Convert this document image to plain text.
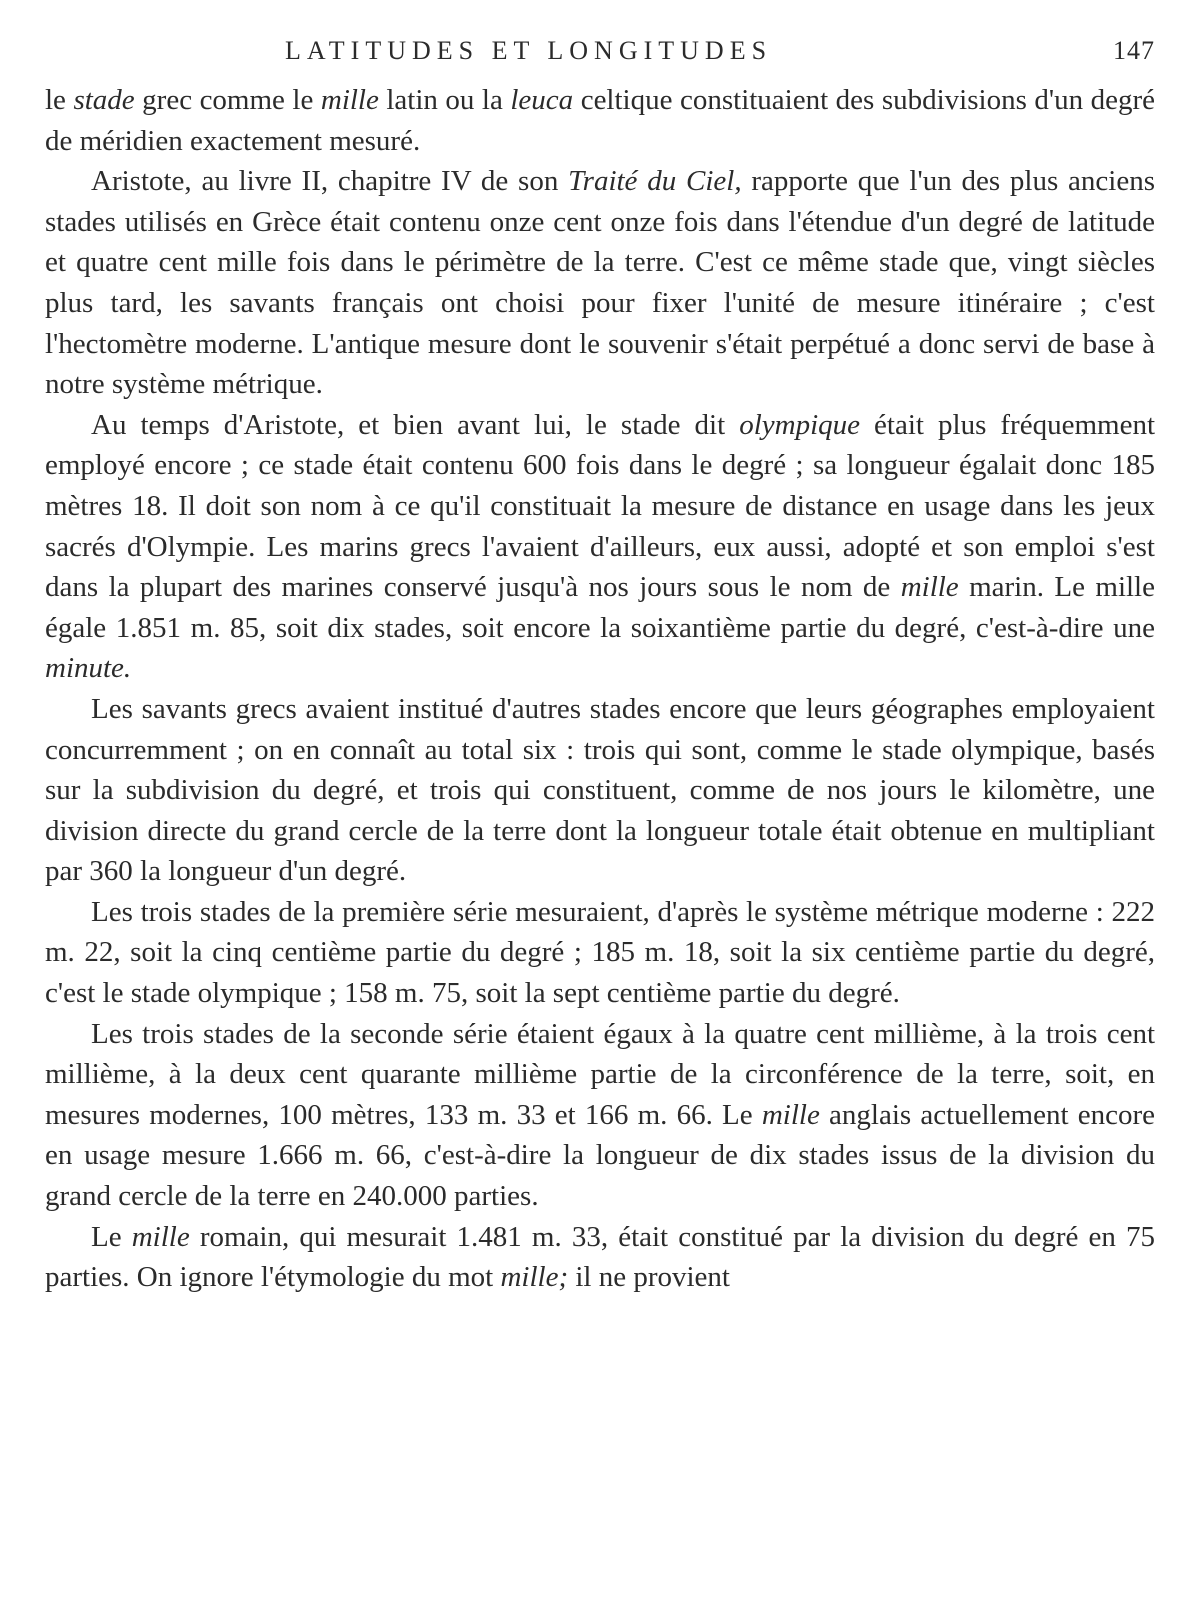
LATITUDES ET LONGITUDES	147

le stade grec comme le mille latin ou la leuca celtique constituaient des subdivisions d'un degré de méridien exactement mesuré.

Aristote, au livre II, chapitre IV de son Traité du Ciel, rapporte que l'un des plus anciens stades utilisés en Grèce était contenu onze cent onze fois dans l'étendue d'un degré de latitude et quatre cent mille fois dans le périmètre de la terre. C'est ce même stade que, vingt siècles plus tard, les savants français ont choisi pour fixer l'unité de mesure itinéraire ; c'est l'hectomètre moderne. L'antique mesure dont le souvenir s'était perpétué a donc servi de base à notre système métrique.

Au temps d'Aristote, et bien avant lui, le stade dit olympique était plus fréquemment employé encore ; ce stade était contenu 600 fois dans le degré ; sa longueur égalait donc 185 mètres 18. Il doit son nom à ce qu'il constituait la mesure de distance en usage dans les jeux sacrés d'Olympie. Les marins grecs l'avaient d'ailleurs, eux aussi, adopté et son emploi s'est dans la plupart des marines conservé jusqu'à nos jours sous le nom de mille marin. Le mille égale 1.851 m. 85, soit dix stades, soit encore la soixantième partie du degré, c'est-à-dire une minute.

Les savants grecs avaient institué d'autres stades encore que leurs géographes employaient concurremment ; on en connaît au total six : trois qui sont, comme le stade olympique, basés sur la subdivision du degré, et trois qui constituent, comme de nos jours le kilomètre, une division directe du grand cercle de la terre dont la longueur totale était obtenue en multipliant par 360 la longueur d'un degré.

Les trois stades de la première série mesuraient, d'après le système métrique moderne : 222 m. 22, soit la cinq centième partie du degré ; 185 m. 18, soit la six centième partie du degré, c'est le stade olympique ; 158 m. 75, soit la sept centième partie du degré.

Les trois stades de la seconde série étaient égaux à la quatre cent millième, à la trois cent millième, à la deux cent quarante millième partie de la circonférence de la terre, soit, en mesures modernes, 100 mètres, 133 m. 33 et 166 m. 66. Le mille anglais actuellement encore en usage mesure 1.666 m. 66, c'est-à-dire la longueur de dix stades issus de la division du grand cercle de la terre en 240.000 parties.

Le mille romain, qui mesurait 1.481 m. 33, était constitué par la division du degré en 75 parties. On ignore l'étymologie du mot mille; il ne provient
